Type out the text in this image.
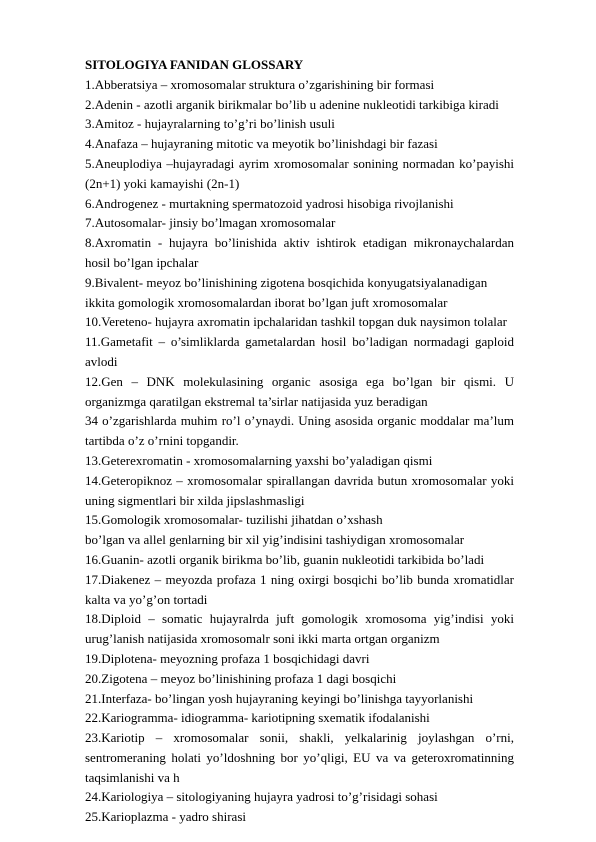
SITOLOGIYA FANIDAN GLOSSARY

1.Abberatsiya – xromosomalar struktura o’zgarishining bir formasi

2.Adenin - azotli arganik birikmalar bo’lib u adenine nukleotidi tarkibiga kiradi

3.Amitoz - hujayralarning to’g’ri bo’linish usuli

4.Anafaza – hujayraning mitotic va meyotik bo’linishdagi bir fazasi

5.Aneuplodiya –hujayradagi ayrim xromosomalar sonining normadan ko’payishi

(2n+1) yoki kamayishi (2n-1)

6.Androgenez - murtakning spermatozoid yadrosi hisobiga rivojlanishi

7.Autosomalar- jinsiy bo’lmagan xromosomalar

8.Axromatin - hujayra bo’linishida aktiv ishtirok etadigan mikronaychalardan

hosil bo’lgan ipchalar

9.Bivalent- meyoz bo’linishining zigotena bosqichida konyugatsiyalanadigan

ikkita gomologik xromosomalardan iborat bo’lgan juft xromosomalar

10.Vereteno- hujayra axromatin ipchalaridan tashkil topgan duk naysimon tolalar

11.Gametafit – o’simliklarda gametalardan hosil bo’ladigan normadagi gaploid

avlodi

12.Gen – DNK molekulasining organic asosiga ega bo’lgan bir qismi. U

organizmga qaratilgan ekstremal ta’sirlar natijasida yuz beradigan

34 o’zgarishlarda muhim ro’l o’ynaydi. Uning asosida organic moddalar ma’lum

tartibda o’z o’rnini topgandir.

13.Geterexromatin - xromosomalarning yaxshi bo’yaladigan qismi

14.Geteropiknoz – xromosomalar spirallangan davrida butun xromosomalar yoki

uning sigmentlari bir xilda jipslashmasligi

15.Gomologik xromosomalar- tuzilishi jihatdan o’xshash

bo’lgan va allel genlarning bir xil yig’indisini tashiydigan xromosomalar

16.Guanin- azotli organik birikma bo’lib, guanin nukleotidi tarkibida bo’ladi

17.Diakenez – meyozda profaza 1 ning oxirgi bosqichi bo’lib bunda xromatidlar

kalta va yo’g’on tortadi

18.Diploid – somatic hujayralrda juft gomologik xromosoma yig’indisi yoki

urug’lanish natijasida xromosomalr soni ikki marta ortgan organizm

19.Diplotena- meyozning profaza 1 bosqichidagi davri

20.Zigotena – meyoz bo’linishining profaza 1 dagi bosqichi

21.Interfaza- bo’lingan yosh hujayraning keyingi bo’linishga tayyorlanishi

22.Kariogramma- idiogramma- kariotipning sxematik ifodalanishi

23.Kariotip – xromosomalar sonii, shakli, yelkalarinig joylashgan o’rni,

sentromeraning holati yo’ldoshning bor yo’qligi, EU va va geteroxromatinning

taqsimlanishi va h

24.Kariologiya – sitologiyaning hujayra yadrosi to’g’risidagi sohasi

25.Karioplazma - yadro shirasi
